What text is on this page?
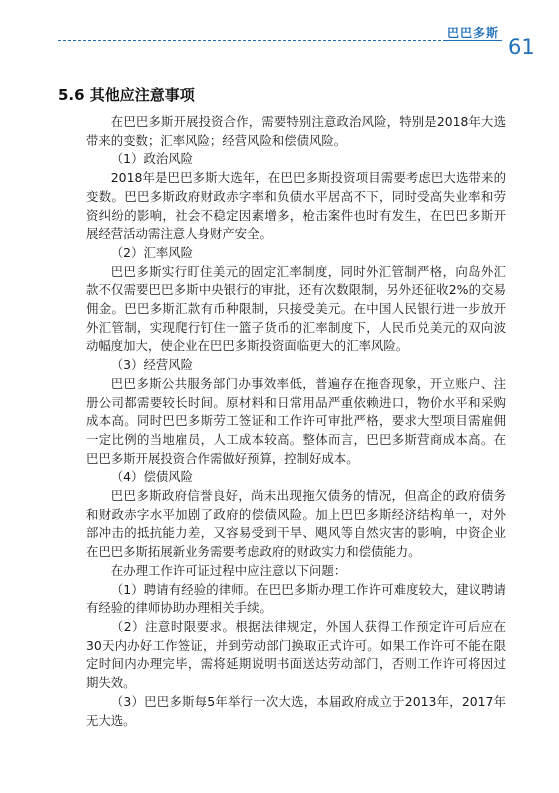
巴巴多斯
61
5.6 其他应注意事项

在巴巴多斯开展投资合作，需要特别注意政治风险，特别是2018年大选带来的变数；汇率风险；经营风险和偿债风险。

（1）政治风险

2018年是巴巴多斯大选年，在巴巴多斯投资项目需要考虑巴大选带来的变数。巴巴多斯政府财政赤字率和负债水平居高不下，同时受高失业率和劳资纠纷的影响，社会不稳定因素增多，枪击案件也时有发生，在巴巴多斯开展经营活动需注意人身财产安全。

（2）汇率风险

巴巴多斯实行盯住美元的固定汇率制度，同时外汇管制严格，向岛外汇款不仅需要巴巴多斯中央银行的审批，还有次数限制，另外还征收2%的交易佣金。巴巴多斯汇款有币种限制，只接受美元。在中国人民银行进一步放开外汇管制，实现爬行钉住一篮子货币的汇率制度下，人民币兑美元的双向波动幅度加大，使企业在巴巴多斯投资面临更大的汇率风险。

（3）经营风险

巴巴多斯公共服务部门办事效率低，普遍存在拖沓现象，开立账户、注册公司都需要较长时间。原材料和日常用品严重依赖进口，物价水平和采购成本高。同时巴巴多斯劳工签证和工作许可审批严格，要求大型项目需雇佣一定比例的当地雇员，人工成本较高。整体而言，巴巴多斯营商成本高。在巴巴多斯开展投资合作需做好预算，控制好成本。

（4）偿债风险

巴巴多斯政府信誉良好，尚未出现拖欠债务的情况，但高企的政府债务和财政赤字水平加剧了政府的偿债风险。加上巴巴多斯经济结构单一，对外部冲击的抵抗能力差，又容易受到干旱、飓风等自然灾害的影响，中资企业在巴巴多斯拓展新业务需要考虑政府的财政实力和偿债能力。

在办理工作许可证过程中应注意以下问题：

（1）聘请有经验的律师。在巴巴多斯办理工作许可难度较大，建议聘请有经验的律师协助办理相关手续。

（2）注意时限要求。根据法律规定，外国人获得工作预定许可后应在30天内办好工作签证，并到劳动部门换取正式许可。如果工作许可不能在限定时间内办理完毕，需将延期说明书面送达劳动部门，否则工作许可将因过期失效。

（3）巴巴多斯每5年举行一次大选，本届政府成立于2013年，2017年无大选。
